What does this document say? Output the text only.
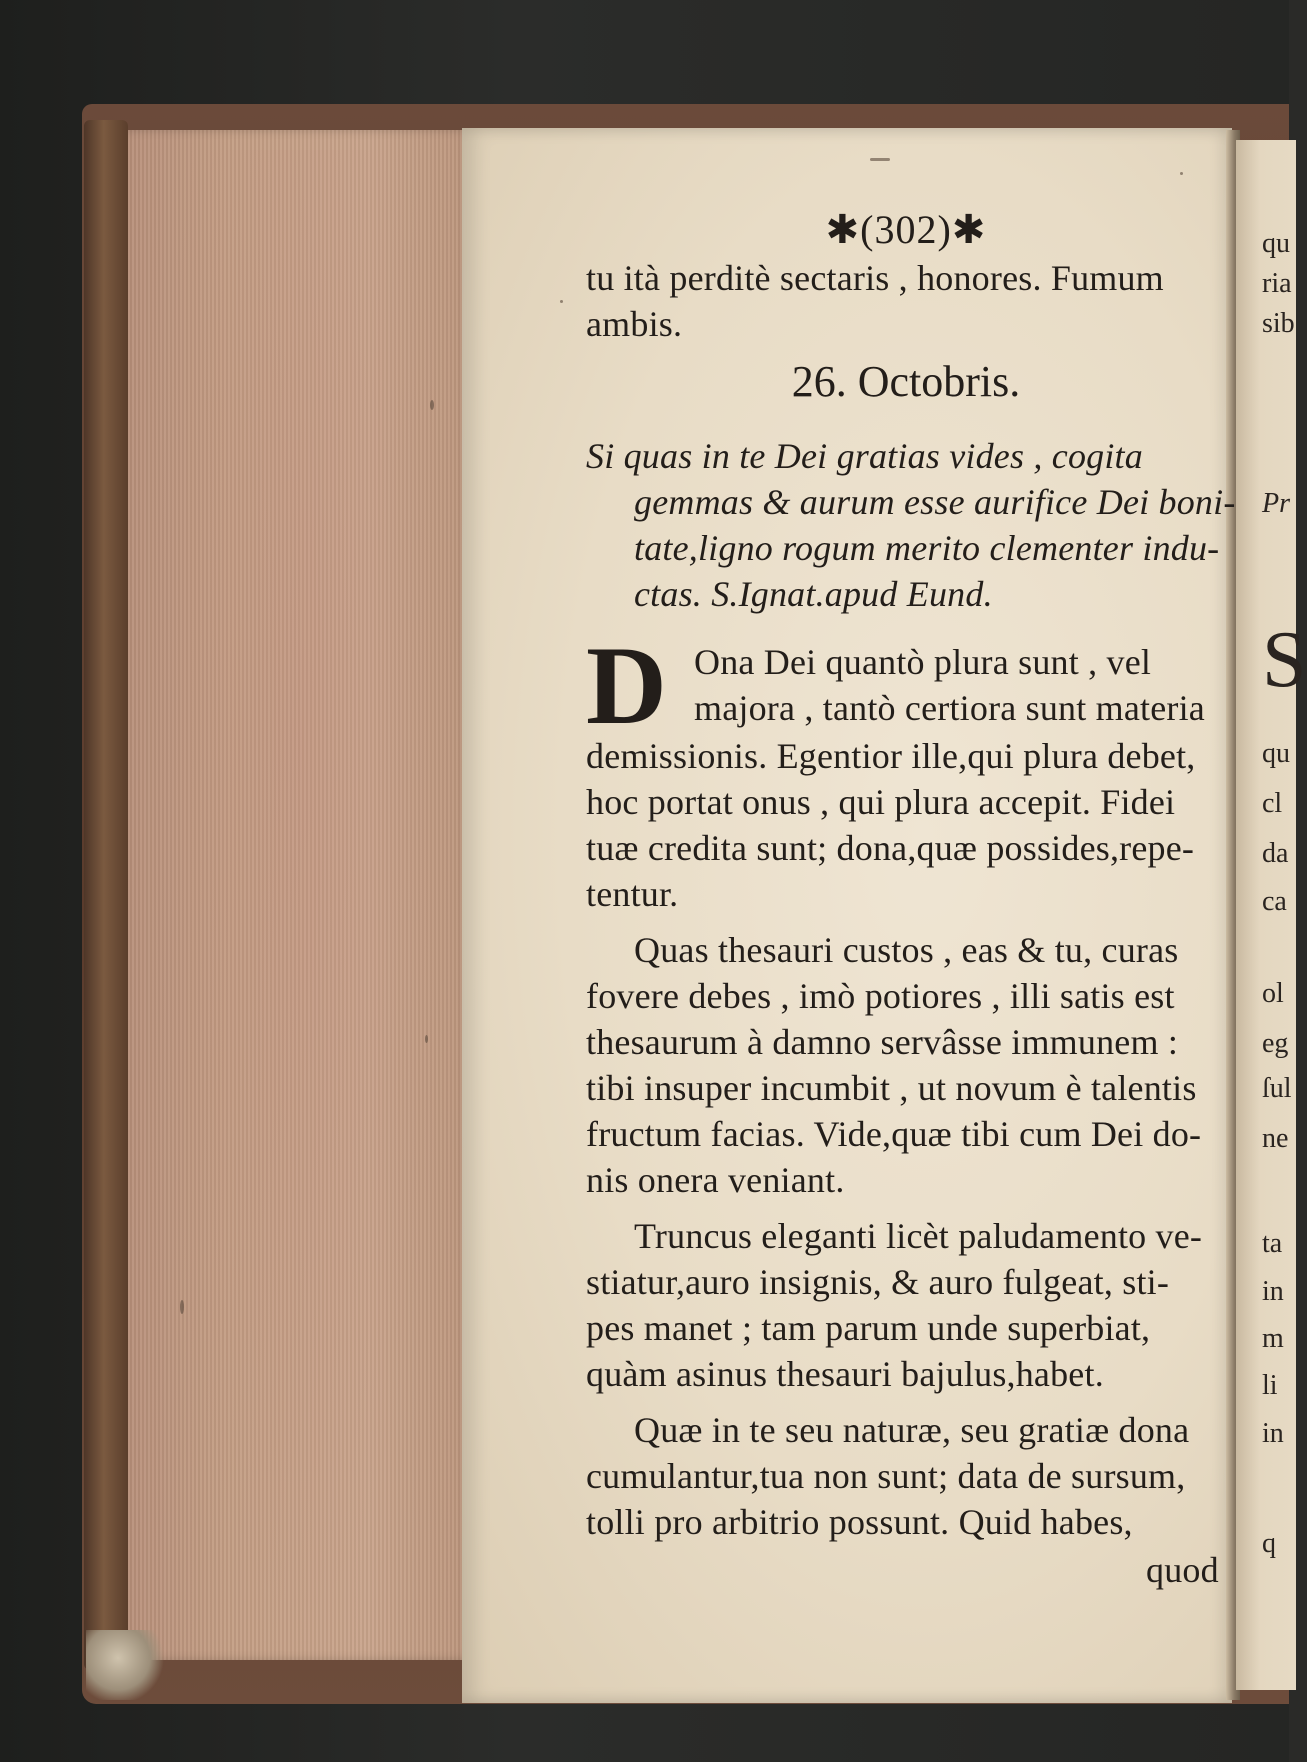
qu
ria
sib
Pr
S
qu
cl
da
ca
ol
eg
ſul
ne
ta
in
m
li
in
q
✱(302)✱
tu ità perditè sectaris , honores. Fumum
ambis.
26. Octobris.
Si quas in te Dei gratias vides , cogita
gemmas & aurum esse aurifice Dei boni-
tate,ligno rogum merito clementer indu-
ctas. S.Ignat.apud Eund.
D Ona Dei quantò plura sunt , vel
majora , tantò certiora sunt materia
demissionis. Egentior ille,qui plura debet,
hoc portat onus , qui plura accepit. Fidei
tuæ credita sunt; dona,quæ possides,repe-
tentur.
Quas thesauri custos , eas & tu, curas
fovere debes , imò potiores , illi satis est
thesaurum à damno servâsse immunem :
tibi insuper incumbit , ut novum è talentis
fructum facias. Vide,quæ tibi cum Dei do-
nis onera veniant.
Truncus eleganti licèt paludamento ve-
stiatur,auro insignis, & auro fulgeat, sti-
pes manet ; tam parum unde superbiat,
quàm asinus thesauri bajulus,habet.
Quæ in te seu naturæ, seu gratiæ dona
cumulantur,tua non sunt; data de sursum,
tolli pro arbitrio possunt. Quid habes,
quod
